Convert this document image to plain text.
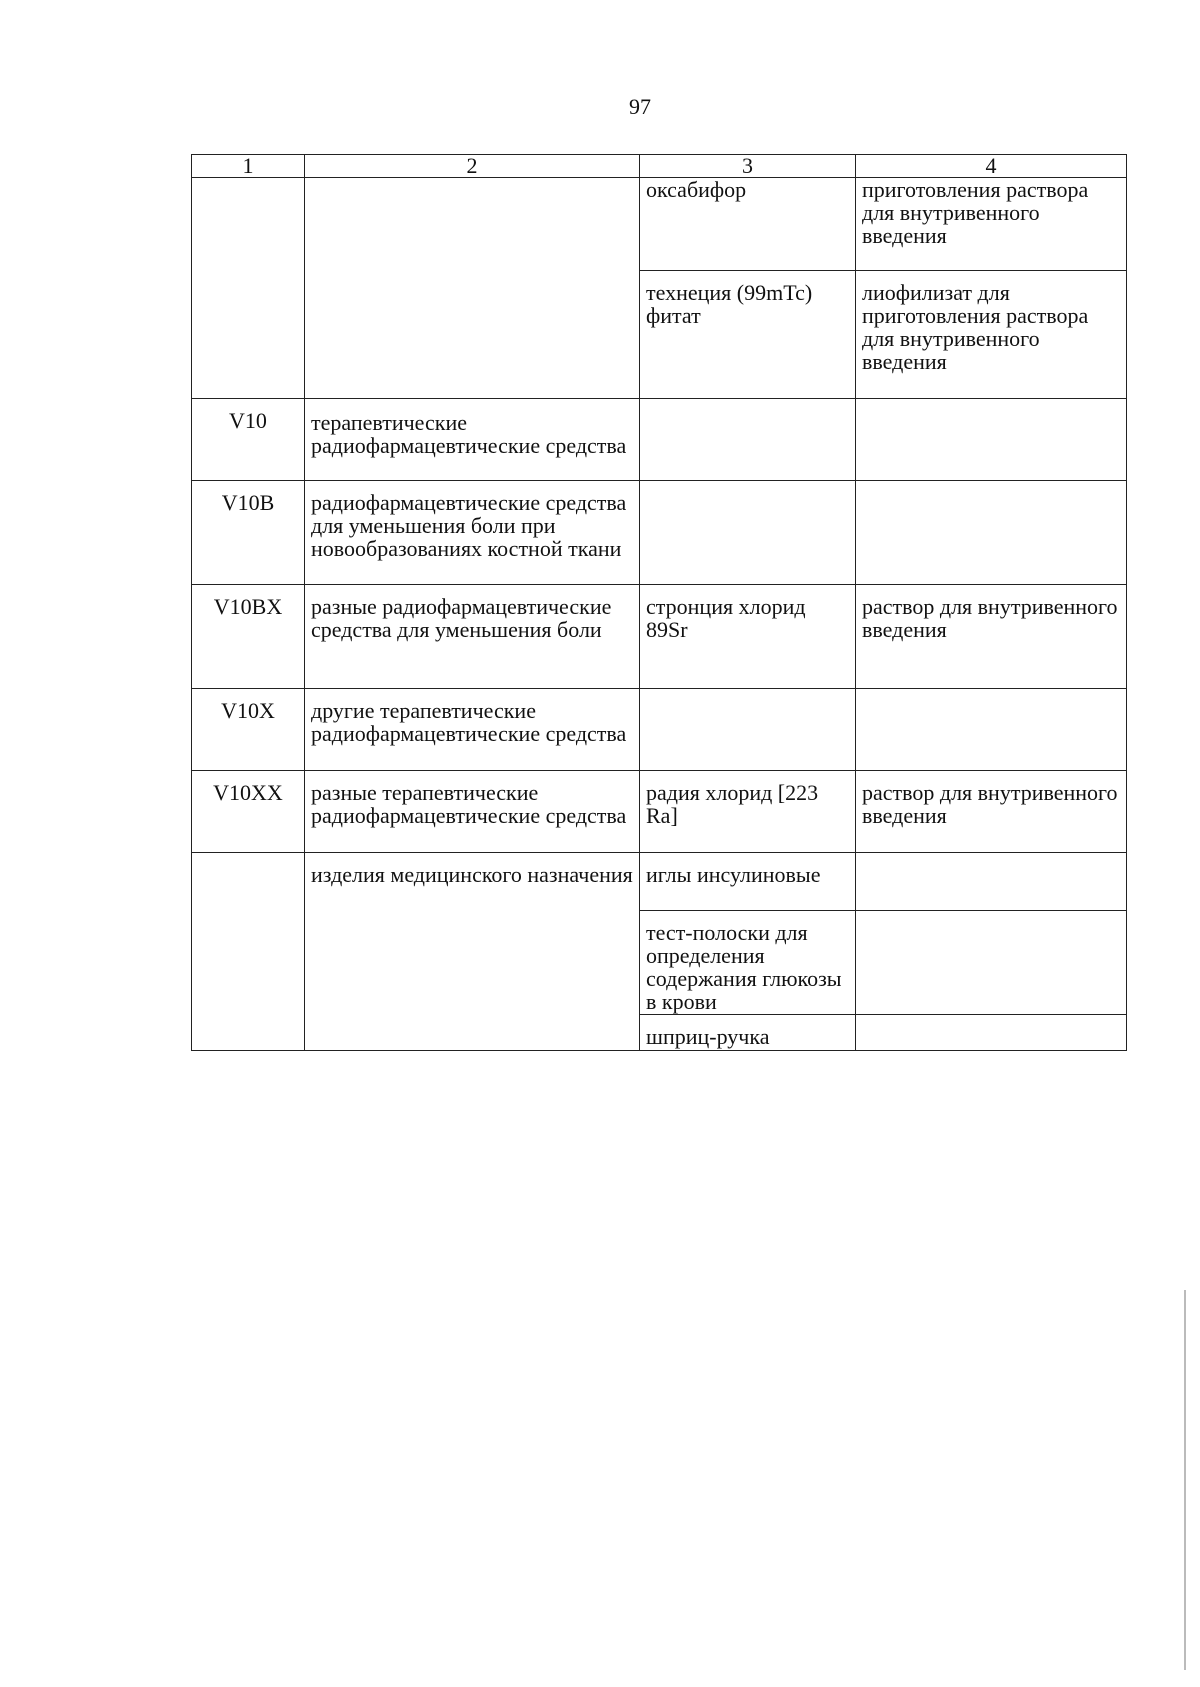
97
1	2	3	4
		оксабифор	приготовления раствора для внутривенного введения
		технеция (99mTc) фитат	лиофилизат для приготовления раствора для внутривенного введения
V10	терапевтические радиофармацевтические средства		
V10B	радиофармацевтические средства для уменьшения боли при новообразованиях костной ткани		
V10BX	разные радиофармацевтические средства для уменьшения боли	стронция хлорид 89Sr	раствор для внутривенного введения
V10X	другие терапевтические радиофармацевтические средства		
V10XX	разные терапевтические радиофармацевтические средства	радия хлорид [223 Ra]	раствор для внутривенного введения
	изделия медицинского назначения	иглы инсулиновые	
		тест-полоски для определения содержания глюкозы в крови	
		шприц-ручка	
